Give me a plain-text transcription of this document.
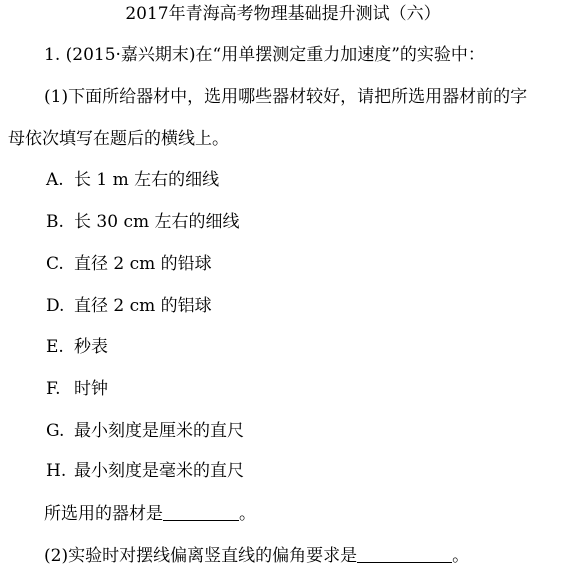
2017年青海高考物理基础提升测试（六）
1. (2015·嘉兴期末)在“用单摆测定重力加速度”的实验中：
(1)下面所给器材中，选用哪些器材较好，请把所选用器材前的字
母依次填写在题后的横线上。
A. 长 1 m 左右的细线
B. 长 30 cm 左右的细线
C. 直径 2 cm 的铅球
D. 直径 2 cm 的铝球
E. 秒表
F. 时钟
G. 最小刻度是厘米的直尺
H. 最小刻度是毫米的直尺
所选用的器材是	。
(2)实验时对摆线偏离竖直线的偏角要求是	。
